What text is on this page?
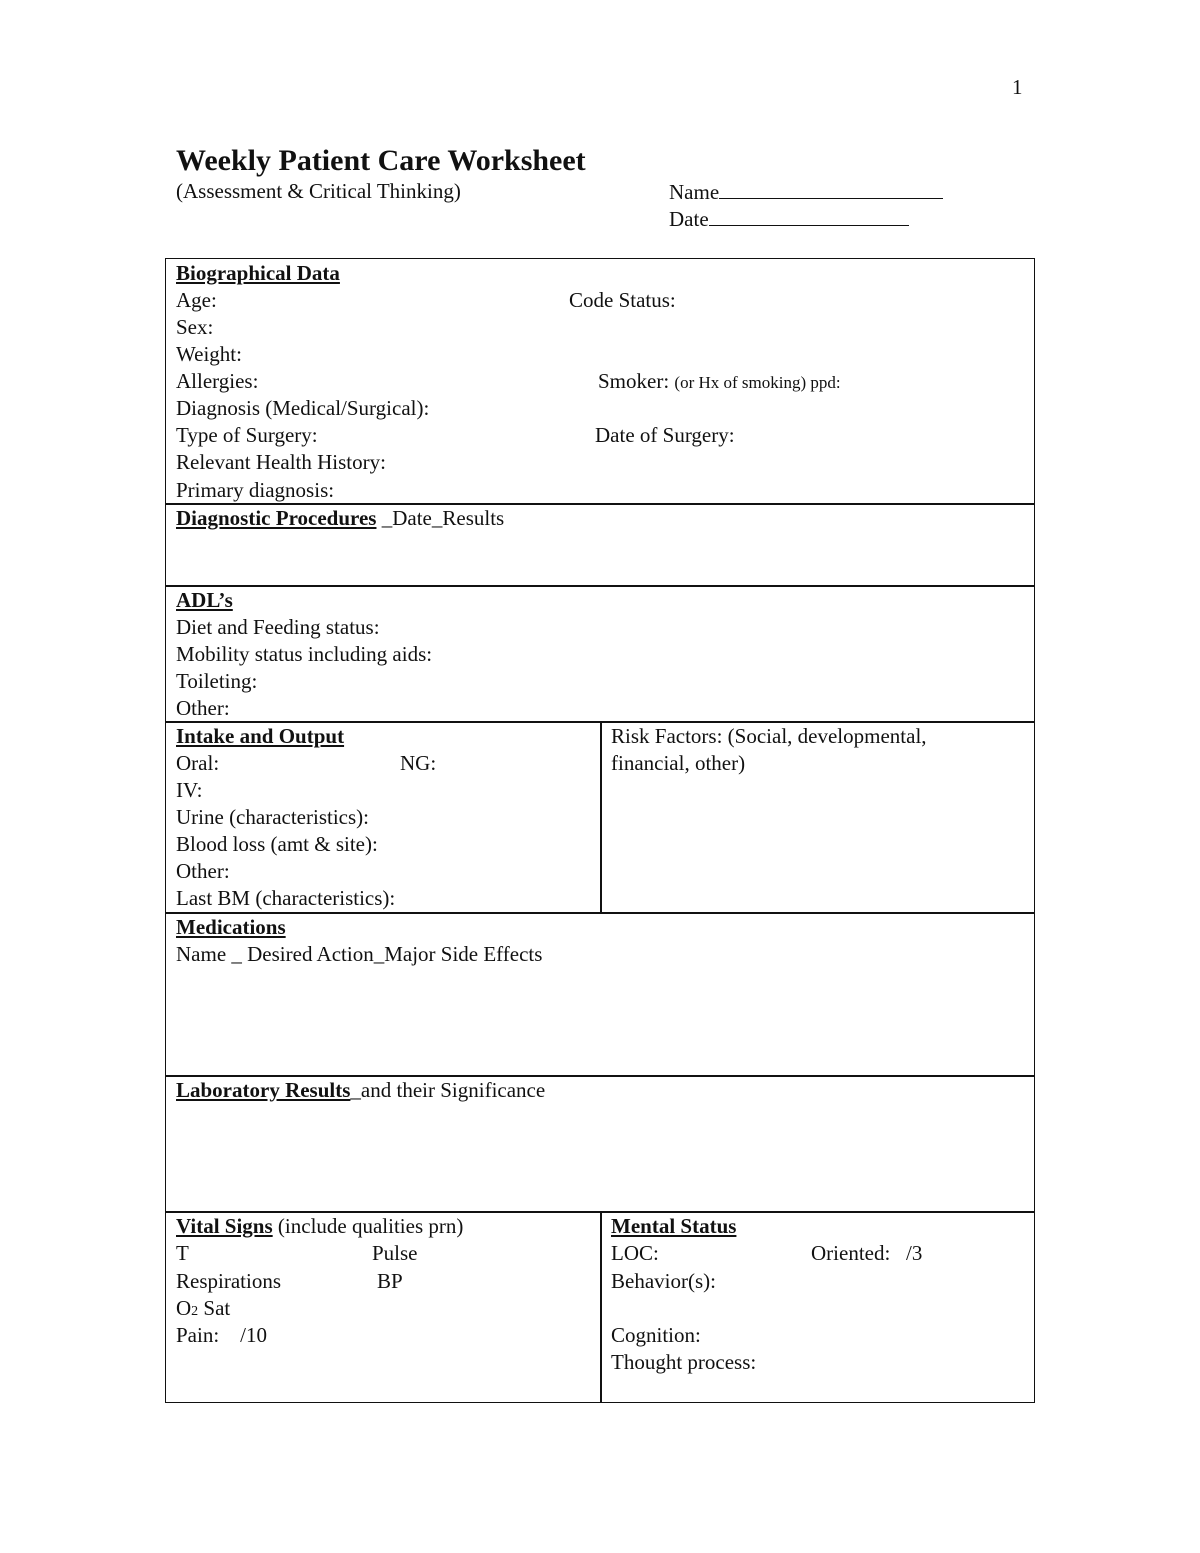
1
Weekly Patient Care Worksheet
(Assessment & Critical Thinking)	Name
Date
Biographical Data
Age:	Code Status:
Sex:
Weight:
Allergies:	Smoker: (or Hx of smoking) ppd:
Diagnosis (Medical/Surgical):
Type of Surgery:	Date of Surgery:
Relevant Health History:
Primary diagnosis:
Diagnostic Procedures _Date_Results
ADL’s
Diet and Feeding status:
Mobility status including aids:
Toileting:
Other:
Intake and Output
Oral:	NG:
IV:
Urine (characteristics):
Blood loss (amt & site):
Other:
Last BM (characteristics):
Risk Factors: (Social, developmental,
financial, other)
Medications
Name _ Desired Action_Major Side Effects
Laboratory Results_and their Significance
Vital Signs (include qualities prn)
T	Pulse
Respirations	BP
O2 Sat
Pain:    /10
Mental Status
LOC:	Oriented:   /3
Behavior(s):
Cognition:
Thought process:
